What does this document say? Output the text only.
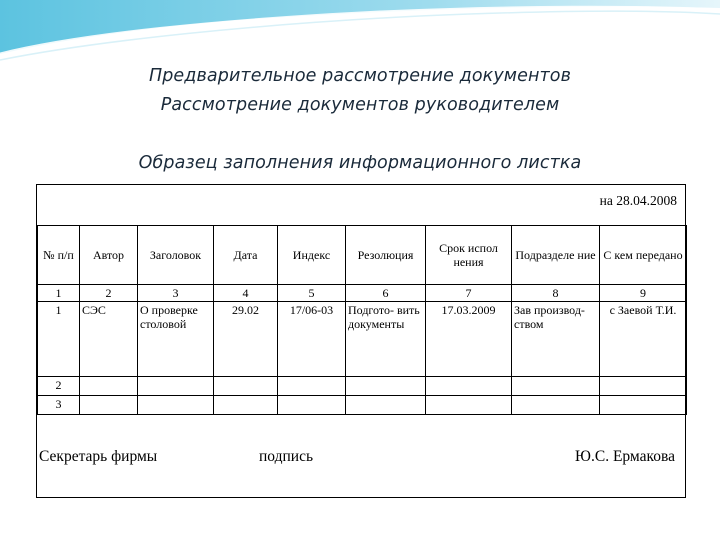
Предварительное рассмотрение документов
Рассмотрение документов руководителем
Образец заполнения информационного листка
на 28.04.2008
№ п/п	Автор	Заголовок	Дата	Индекс	Резолюция	Срок испол нения	Подразделе ние	С кем передано
1	2	3	4	5	6	7	8	9
1	СЭС	О проверке столовой	29.02	17/06-03	Подгото- вить документы	17.03.2009	Зав производ- ством	с Заевой Т.И.
2								
3								
Секретарь фирмы	подпись	Ю.С. Ермакова
